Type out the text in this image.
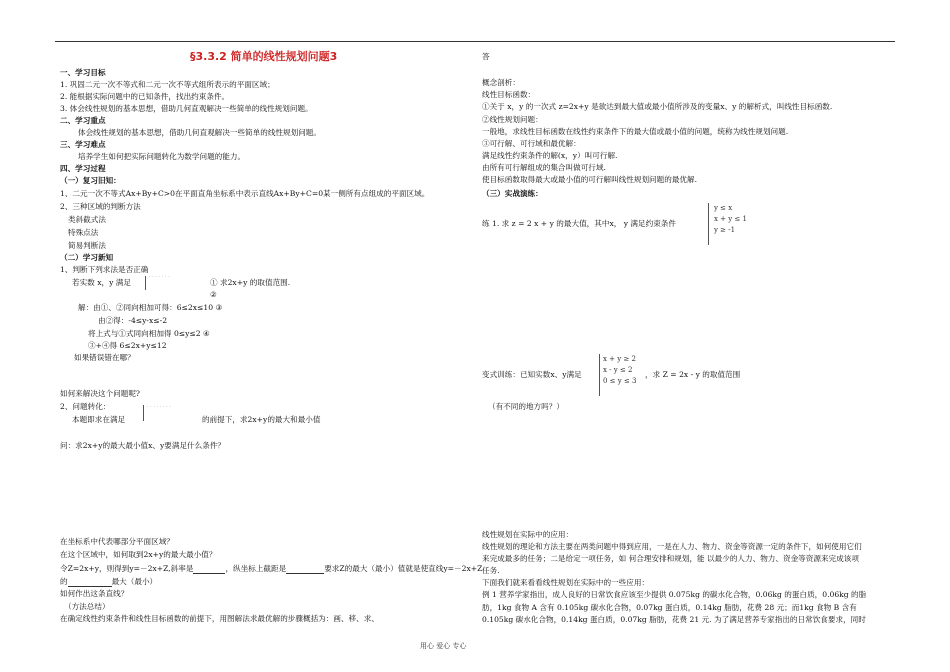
§3.3.2 简单的线性规划问题3
一、学习目标
1. 巩固二元一次不等式和二元一次不等式组所表示的平面区域；
2. 能根据实际问题中的已知条件，找出约束条件。
3. 体会线性规划的基本思想，借助几何直观解决一些简单的线性规划问题。
二、学习重点
体会线性规划的基本思想，借助几何直观解决一些简单的线性规划问题。
三、学习难点
培养学生如何把实际问题转化为数学问题的能力。
四、学习过程
（一）复习旧知：
1、二元一次不等式Ax+By+C>0在平面直角坐标系中表示直线Ax+By+C=0某一侧所有点组成的平面区域。
2、三种区域的判断方法
类斜截式法
特殊点法
简易判断法
（二）学习新知
1、判断下列求法是否正确
若实数 x，y 满足
· · · · · · ·
① 求2x+y 的取值范围.
②
解：由①、②同向相加可得：6≤2x≤10 ③
由②得：-4≤y-x≤-2
将上式与①式同向相加得 0≤y≤2 ④
③+④得 6≤2x+y≤12
如果错误错在哪？
如何来解决这个问题呢?
2、问题转化：
本题即求在满足
· · · · · · · ·
的前提下，求2x+y的最大和最小值
问：求2x+y的最大最小值x、y要满足什么条件？
在坐标系中代表哪部分平面区域？
在这个区域中，如何取到2x+y的最大最小值？
令Z=2x+y，则得到y=－2x+Z,斜率是	，纵坐标上截距是	要求Z的最大（最小）值就是使直线y=－2x+Z
的	最大（最小）
如何作出这条直线？
（方法总结）
在确定线性约束条件和线性目标函数的前提下，用图解法求最优解的步骤概括为：画、移、求、
答
概念剖析：
线性目标函数：
①关于 x，y 的一次式 z=2x+y 是欲达到最大值或最小值所涉及的变量x、y 的解析式，叫线性目标函数.
②线性规划问题：
一般地，求线性目标函数在线性约束条件下的最大值或最小值的问题，统称为线性规划问题.
③可行解、可行域和最优解：
满足线性约束条件的解(x，y）叫可行解.
由所有可行解组成的集合叫做可行域.
使目标函数取得最大或最小值的可行解叫线性规划问题的最优解.
（三）实战演练：
练 1. 求 z = 2 x + y 的最大值，其中x， y 满足约束条件
y ≤ x
x + y ≤ 1
y ≥ -1
变式训练：已知实数x、y满足
x + y ≥ 2
x - y ≤ 2
0 ≤ y ≤ 3
，求 Z = 2x - y 的取值范围
（有不同的地方吗？）
线性规划在实际中的应用：
线性规划的理论和方法主要在两类问题中得到应用，一是在人力、物力、资金等资源一定的条件下，如何使用它们
来完成最多的任务；二是给定一项任务，如 何合理安排和规划，能 以最少的人力、物力、资金等资源来完成该项
任务.
下面我们就来看看线性规划在实际中的一些应用：
例 1 营养学家指出，成人良好的日常饮食应该至少提供 0.075kg 的碳水化合物，0.06kg 的蛋白质，0.06kg 的脂
肪，1kg 食物 A 含有 0.105kg 碳水化合物，0.07kg 蛋白质，0.14kg 脂肪，花费 28 元；而1kg 食物 B 含有
0.105kg 碳水化合物，0.14kg 蛋白质，0.07kg 脂肪，花费 21 元. 为了满足营养专家指出的日常饮食要求，同时
用心 爱心 专心
